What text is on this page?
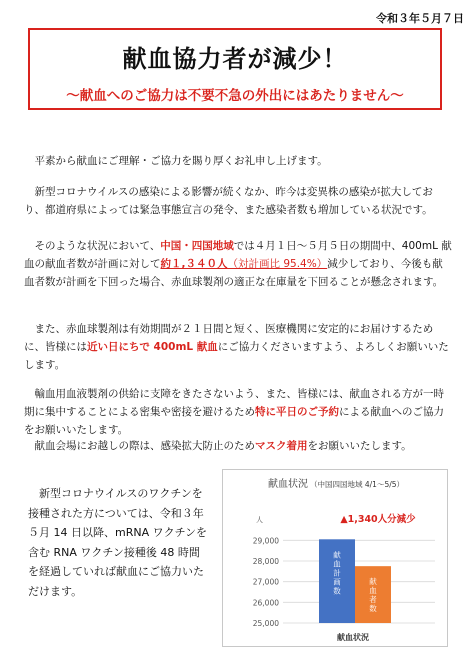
令和３年５月７日
献血協力者が減少！
～献血へのご協力は不要不急の外出にはあたりません～

平素から献血にご理解・ご協力を賜り厚くお礼申し上げます。

新型コロナウイルスの感染による影響が続くなか、昨今は変異株の感染が拡大しており、都道府県によっては緊急事態宣言の発令、また感染者数も増加している状況です。

そのような状況において、中国・四国地域では４月１日～５月５日の期間中、400mL 献血の献血者数が計画に対して約１,３４０人（対計画比 95.4%）減少しており、今後も献血者数が計画を下回った場合、赤血球製剤の適正な在庫量を下回ることが懸念されます。

また、赤血球製剤は有効期間が２１日間と短く、医療機関に安定的にお届けするために、皆様には近い日にちで 400mL 献血にご協力くださいますよう、よろしくお願いいたします。

輸血用血液製剤の供給に支障をきたさないよう、また、皆様には、献血される方が一時期に集中することによる密集や密接を避けるため特に平日のご予約による献血へのご協力をお願いいたします。

献血会場にお越しの際は、感染拡大防止のためマスク着用をお願いいたします。

新型コロナウイルスのワクチンを接種された方については、令和３年５月 14 日以降、mRNA ワクチンを含む RNA ワクチン接種後 48 時間を経過していれば献血にご協力いただけます。

献血状況 （中国四国地域 4/1～5/5）
人	▲1,340人分減少
25,000
26,000
27,000
28,000
29,000
献血計画数
献血者数
献血状況
